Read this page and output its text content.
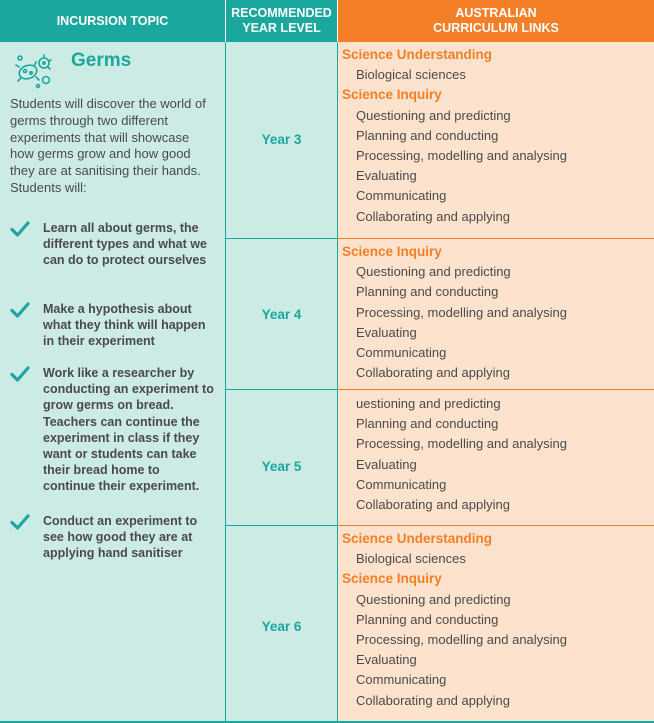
INCURSION TOPIC
RECOMMENDED
YEAR LEVEL
AUSTRALIAN
CURRICULUM LINKS
Germs

Students will discover the world of germs through two different experiments that will showcase how germs grow and how good they are at sanitising their hands. Students will:

Learn all about germs, the different types and what we can do to protect ourselves
Make a hypothesis about what they think will happen in their experiment
Work like a researcher by conducting an experiment to grow germs on bread. Teachers can continue the experiment in class if they want or students can take their bread home to continue their experiment.
Conduct an experiment to see how good they are at applying hand sanitiser
Year 3
Year 4
Year 5
Year 6
Science Understanding
Biological sciences
Science Inquiry
Questioning and predicting
Planning and conducting
Processing, modelling and analysing
Evaluating
Communicating
Collaborating and applying
Science Inquiry
Questioning and predicting
Planning and conducting
Processing, modelling and analysing
Evaluating
Communicating
Collaborating and applying
uestioning and predicting
Planning and conducting
Processing, modelling and analysing
Evaluating
Communicating
Collaborating and applying
Science Understanding
Biological sciences
Science Inquiry
Questioning and predicting
Planning and conducting
Processing, modelling and analysing
Evaluating
Communicating
Collaborating and applying
